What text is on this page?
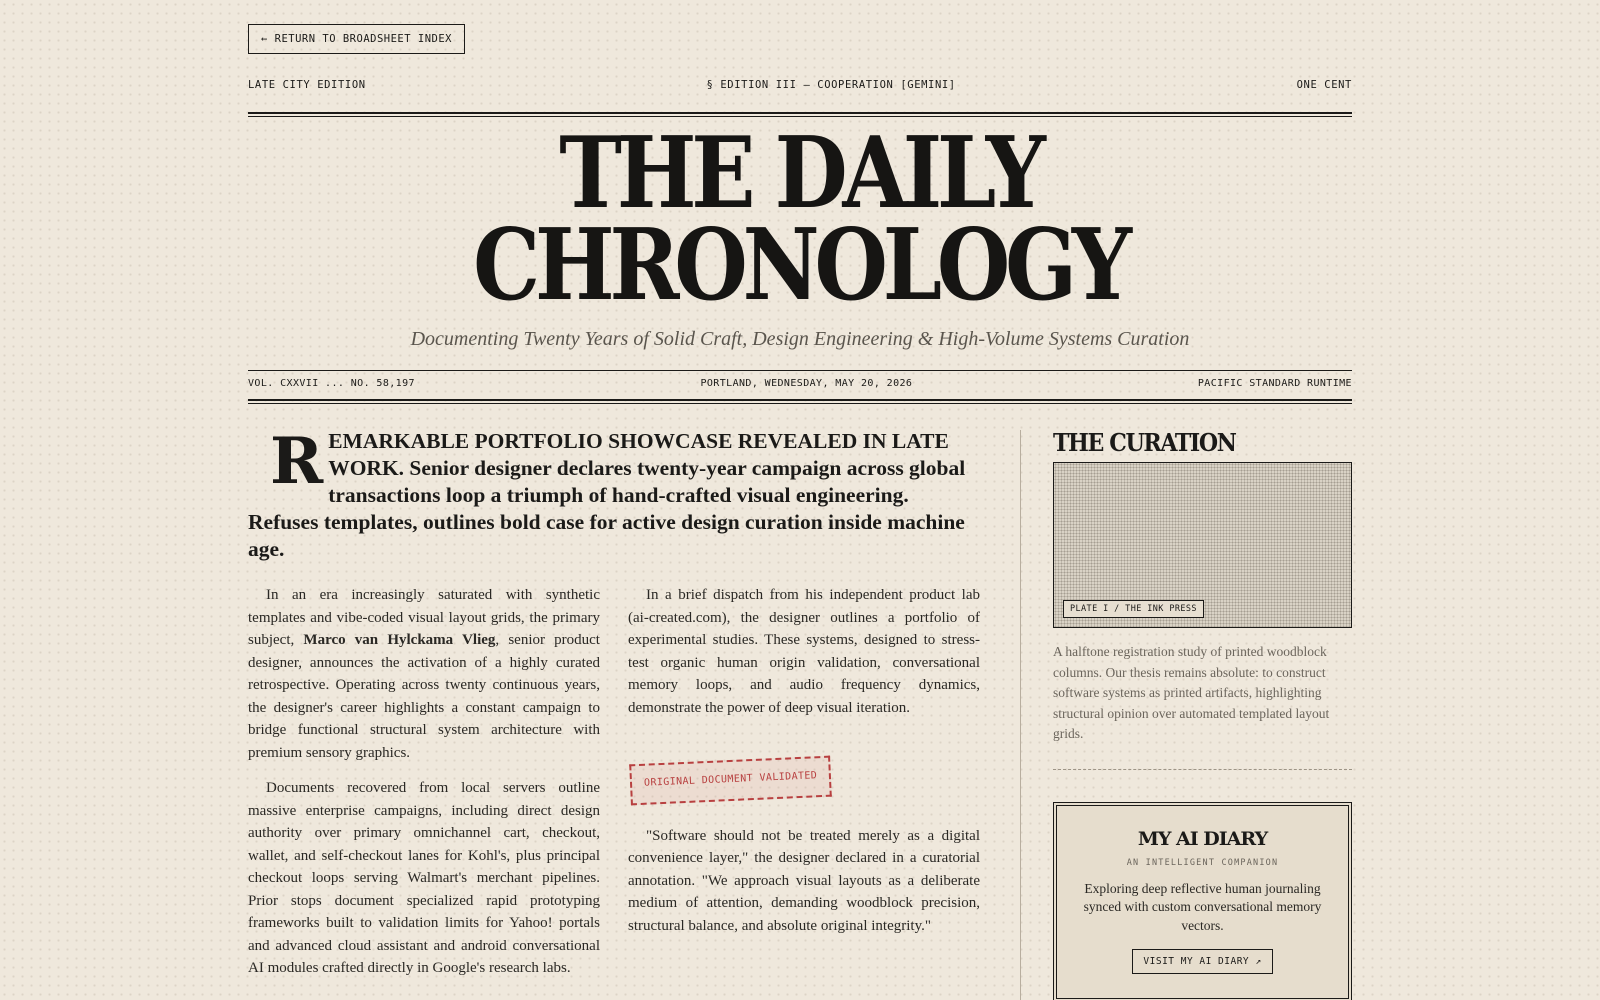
← RETURN TO BROADSHEET INDEX
LATE CITY EDITION	§ EDITION III — COOPERATION [GEMINI]	ONE CENT
THE DAILY
CHRONOLOGY
Documenting Twenty Years of Solid Craft, Design Engineering & High-Volume Systems Curation
VOL. CXXVII ... NO. 58,197	PORTLAND, WEDNESDAY, MAY 20, 2026	PACIFIC STANDARD RUNTIME
R EMARKABLE PORTFOLIO SHOWCASE REVEALED IN LATE WORK. Senior designer declares twenty-year campaign across global transactions loop a triumph of hand-crafted visual engineering. Refuses templates, outlines bold case for active design curation inside machine age.

In an era increasingly saturated with synthetic templates and vibe-coded visual layout grids, the primary subject, Marco van Hylckama Vlieg, senior product designer, announces the activation of a highly curated retrospective. Operating across twenty continuous years, the designer's career highlights a constant campaign to bridge functional structural system architecture with premium sensory graphics.

Documents recovered from local servers outline massive enterprise campaigns, including direct design authority over primary omnichannel cart, checkout, wallet, and self-checkout lanes for Kohl's, plus principal checkout loops serving Walmart's merchant pipelines. Prior stops document specialized rapid prototyping frameworks built to validation limits for Yahoo! portals and advanced cloud assistant and android conversational AI modules crafted directly in Google's research labs.

In a brief dispatch from his independent product lab (ai-created.com), the designer outlines a portfolio of experimental studies. These systems, designed to stress-test organic human origin validation, conversational memory loops, and audio frequency dynamics, demonstrate the power of deep visual iteration.

ORIGINAL DOCUMENT VALIDATED

"Software should not be treated merely as a digital convenience layer," the designer declared in a curatorial annotation. "We approach visual layouts as a deliberate medium of attention, demanding woodblock precision, structural balance, and absolute original integrity."

THE CURATION
PLATE I / THE INK PRESS

A halftone registration study of printed woodblock columns. Our thesis remains absolute: to construct software systems as printed artifacts, highlighting structural opinion over automated templated layout grids.

MY AI DIARY
AN INTELLIGENT COMPANION

Exploring deep reflective human journaling synced with custom conversational memory vectors.

VISIT MY AI DIARY ↗
